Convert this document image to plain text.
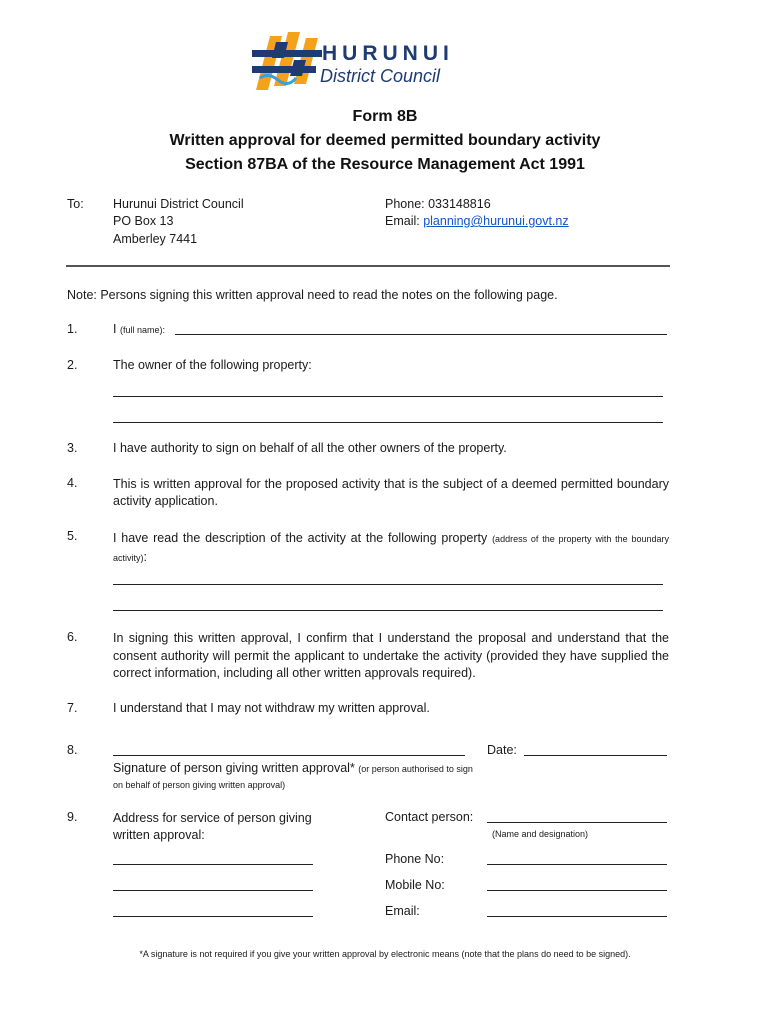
HURUNUI
District Council
Form 8B
Written approval for deemed permitted boundary activity
Section 87BA of the Resource Management Act 1991
To: Hurunui District Council
PO Box 13
Amberley 7441
Phone: 033148816
Email: planning@hurunui.govt.nz
Note: Persons signing this written approval need to read the notes on the following page.
1.	I (full name):
2.	The owner of the following property:
3.	I have authority to sign on behalf of all the other owners of the property.
4.	This is written approval for the proposed activity that is the subject of a deemed permitted boundary activity application.
5.	I have read the description of the activity at the following property (address of the property with the boundary activity):
6.	In signing this written approval, I confirm that I understand the proposal and understand that the consent authority will permit the applicant to undertake the activity (provided they have supplied the correct information, including all other written approvals required).
7.	I understand that I may not withdraw my written approval.
8.	Date:
Signature of person giving written approval* (or person authorised to sign on behalf of person giving written approval)
9.	Address for service of person giving written approval:
Contact person:
(Name and designation)
Phone No:
Mobile No:
Email:
*A signature is not required if you give your written approval by electronic means (note that the plans do need to be signed).
